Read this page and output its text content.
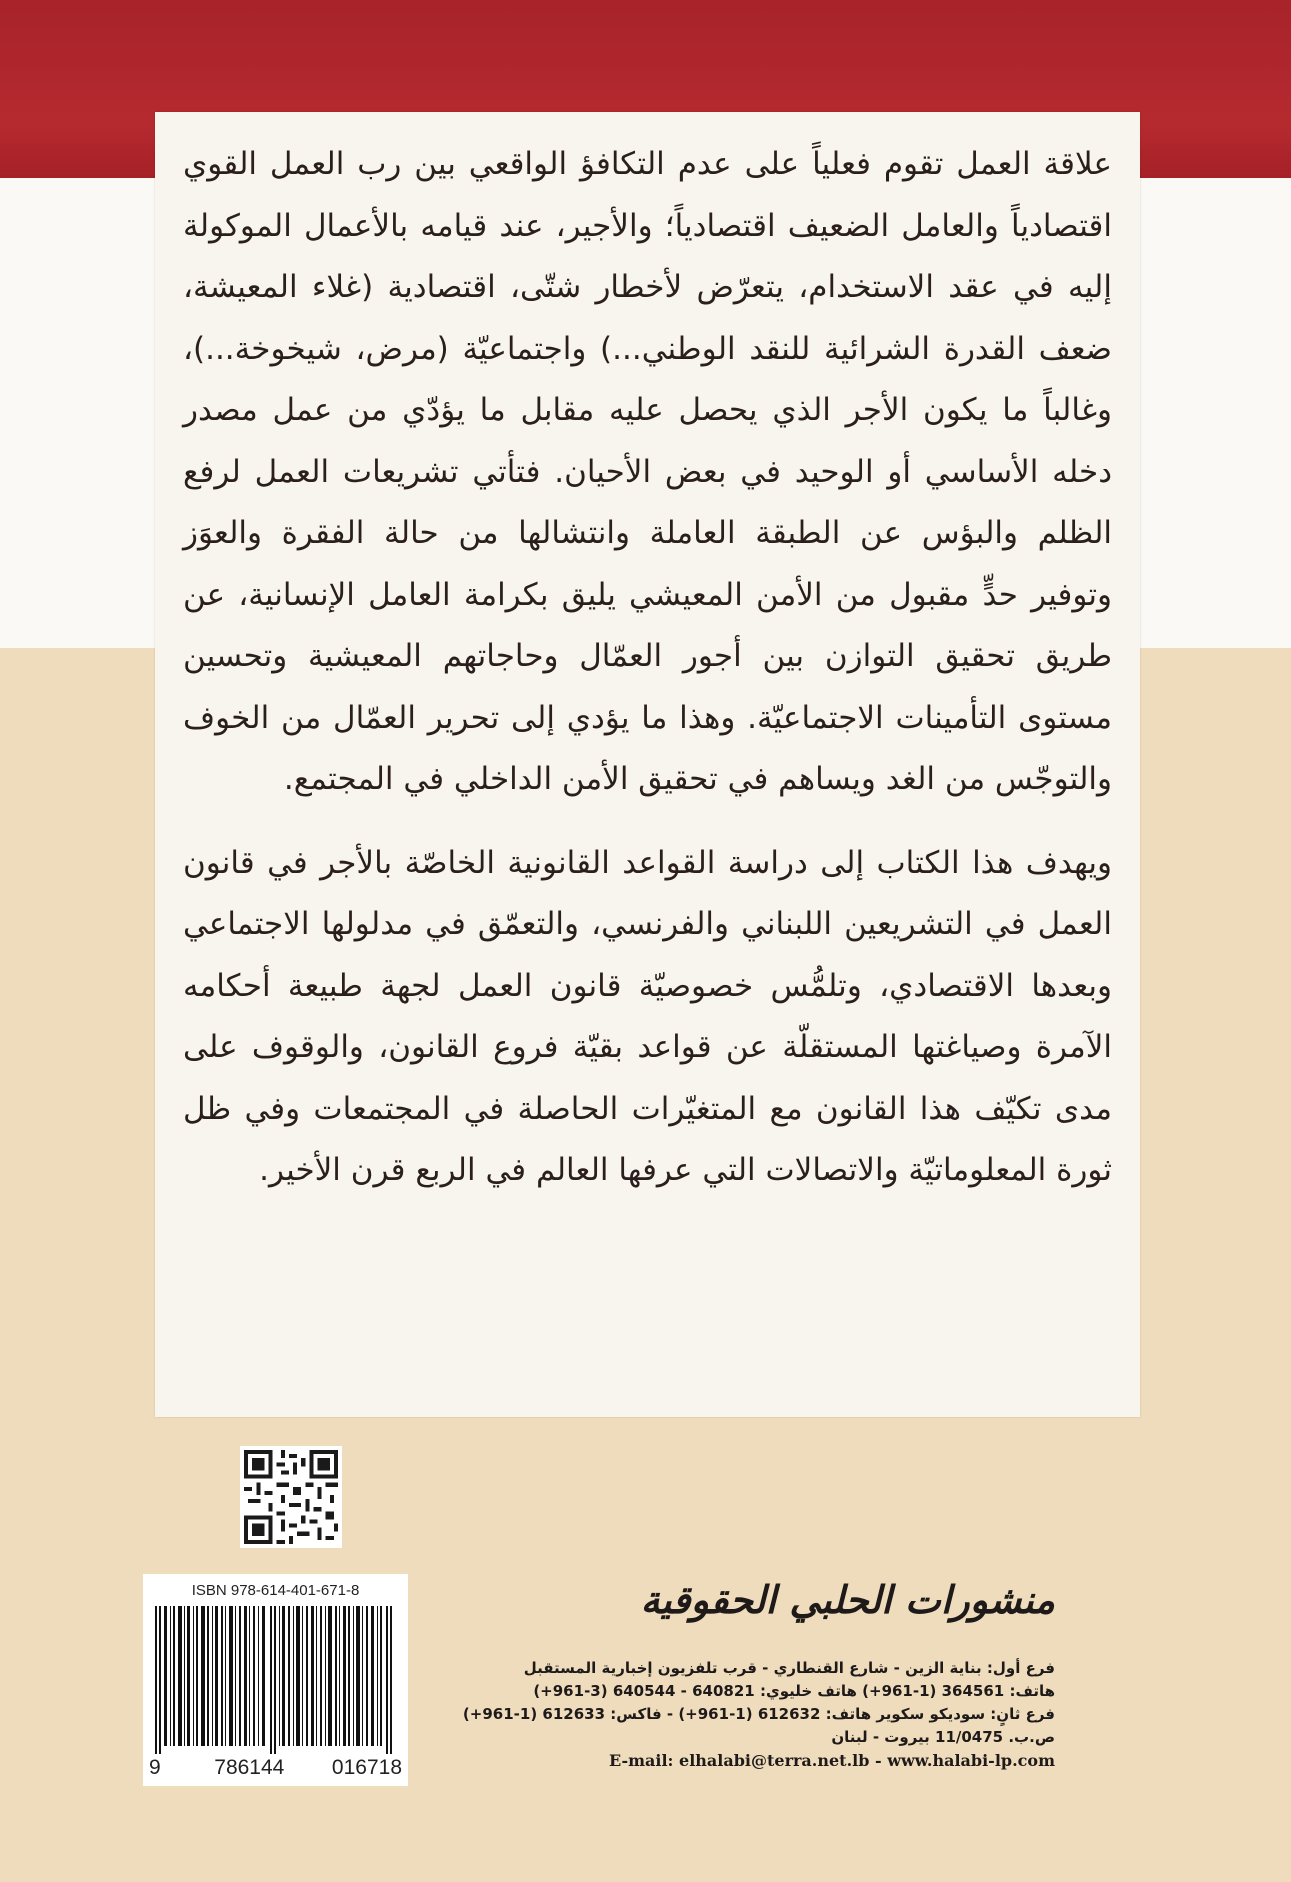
علاقة العمل تقوم فعلياً على عدم التكافؤ الواقعي بين رب العمل القوي اقتصادياً والعامل الضعيف اقتصادياً؛ والأجير، عند قيامه بالأعمال الموكولة إليه في عقد الاستخدام، يتعرّض لأخطار شتّى، اقتصادية (غلاء المعيشة، ضعف القدرة الشرائية للنقد الوطني...) واجتماعيّة (مرض، شيخوخة...)، وغالباً ما يكون الأجر الذي يحصل عليه مقابل ما يؤدّي من عمل مصدر دخله الأساسي أو الوحيد في بعض الأحيان. فتأتي تشريعات العمل لرفع الظلم والبؤس عن الطبقة العاملة وانتشالها من حالة الفقرة والعوَز وتوفير حدٍّ مقبول من الأمن المعيشي يليق بكرامة العامل الإنسانية، عن طريق تحقيق التوازن بين أجور العمّال وحاجاتهم المعيشية وتحسين مستوى التأمينات الاجتماعيّة. وهذا ما يؤدي إلى تحرير العمّال من الخوف والتوجّس من الغد ويساهم في تحقيق الأمن الداخلي في المجتمع.

ويهدف هذا الكتاب إلى دراسة القواعد القانونية الخاصّة بالأجر في قانون العمل في التشريعين اللبناني والفرنسي، والتعمّق في مدلولها الاجتماعي وبعدها الاقتصادي، وتلمُّس خصوصيّة قانون العمل لجهة طبيعة أحكامه الآمرة وصياغتها المستقلّة عن قواعد بقيّة فروع القانون، والوقوف على مدى تكيّف هذا القانون مع المتغيّرات الحاصلة في المجتمعات وفي ظل ثورة المعلوماتيّة والاتصالات التي عرفها العالم في الربع قرن الأخير.

ISBN 978-614-401-671-8
9	786144 016718
منشورات الحلبي الحقوقية
فرع أول: بناية الزين - شارع القنطاري - قرب تلفزيون إخبارية المستقبل
هاتف: 364561 (1-961+) هاتف خليوي: 640821 - 640544 (3-961+)
فرع ثانٍ: سوديكو سكوير هاتف: 612632 (1-961+) - فاكس: 612633 (1-961+)
ص.ب. 11/0475 بيروت - لبنان
E-mail: elhalabi@terra.net.lb - www.halabi-lp.com
